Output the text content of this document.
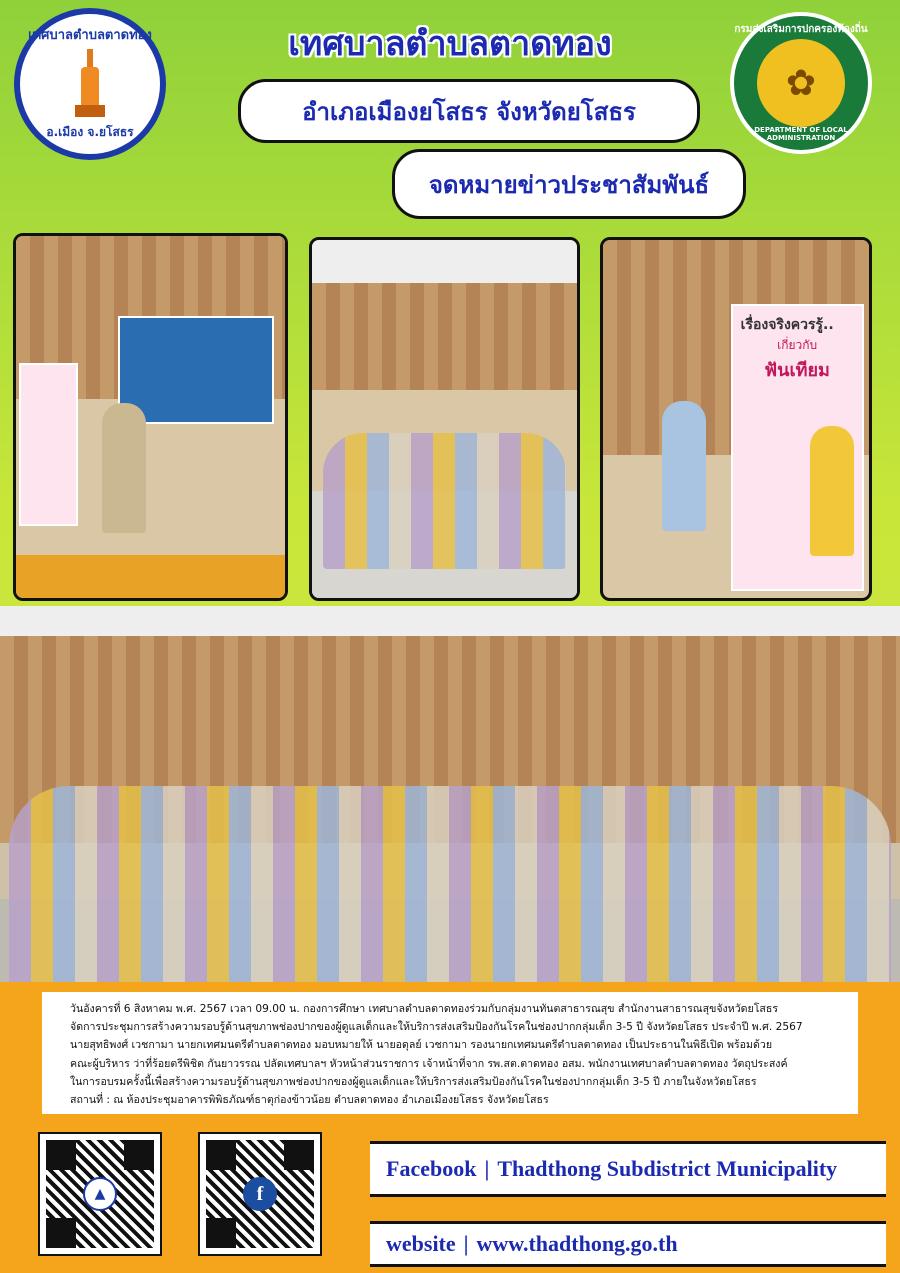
เทศบาลตำบลตาดทอง
อ.เมือง จ.ยโสธร
เทศบาลตำบลตาดทอง	กรมส่งเสริมการปกครองท้องถิ่น
✿
DEPARTMENT OF LOCAL ADMINISTRATION
อำเภอเมืองยโสธร จังหวัดยโสธร
จดหมายข่าวประชาสัมพันธ์
เรื่องจริงควรรู้..
เกี่ยวกับ
ฟันเทียม

วันอังคารที่ 6 สิงหาคม พ.ศ. 2567 เวลา 09.00 น. กองการศึกษา เทศบาลตำบลตาดทองร่วมกับกลุ่มงานทันตสาธารณสุข สำนักงานสาธารณสุขจังหวัดยโสธร

จัดการประชุมการสร้างความรอบรู้ด้านสุขภาพช่องปากของผู้ดูแลเด็กและให้บริการส่งเสริมป้องกันโรคในช่องปากกลุ่มเด็ก 3-5 ปี จังหวัดยโสธร ประจำปี พ.ศ. 2567

นายสุทธิพงศ์ เวชกามา นายกเทศมนตรีตำบลตาดทอง มอบหมายให้ นายอดุลย์ เวชกามา รองนายกเทศมนตรีตำบลตาดทอง เป็นประธานในพิธีเปิด พร้อมด้วย

คณะผู้บริหาร ว่าที่ร้อยตรีพิชิต กันยาวรรณ ปลัดเทศบาลฯ หัวหน้าส่วนราชการ เจ้าหน้าที่จาก รพ.สต.ตาดทอง อสม. พนักงานเทศบาลตำบลตาดทอง วัตถุประสงค์

ในการอบรมครั้งนี้เพื่อสร้างความรอบรู้ด้านสุขภาพช่องปากของผู้ดูแลเด็กและให้บริการส่งเสริมป้องกันโรคในช่องปากกลุ่มเด็ก 3-5 ปี ภายในจังหวัดยโสธร

สถานที่ : ณ ห้องประชุมอาคารพิพิธภัณฑ์ธาตุก่องข้าวน้อย ตำบลตาดทอง อำเภอเมืองยโสธร จังหวัดยโสธร

▲	f
Facebook | Thadthong Subdistrict Municipality
website | www.thadthong.go.th
